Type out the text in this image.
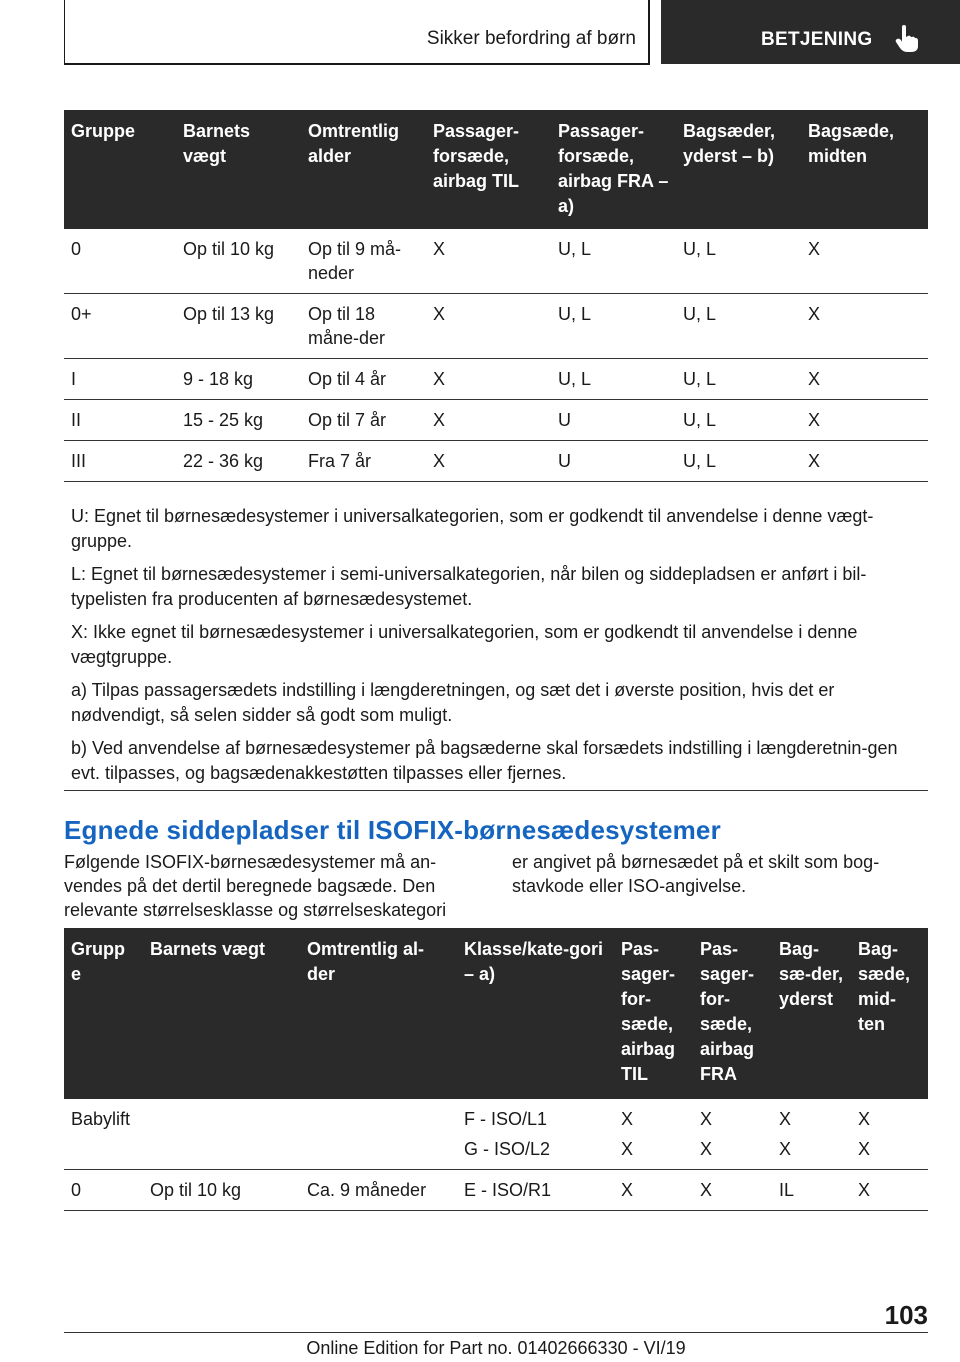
Sikker befordring af børn	BETJENING
Gruppe	Barnets vægt	Omtrentlig alder	Passager-forsæde, airbag TIL	Passager-forsæde, airbag FRA – a)	Bagsæder, yderst – b)	Bagsæde, midten
0	Op til 10 kg	Op til 9 må-neder	X	U, L	U, L	X
0+	Op til 13 kg	Op til 18 måne-der	X	U, L	U, L	X
I	9 - 18 kg	Op til 4 år	X	U, L	U, L	X
II	15 - 25 kg	Op til 7 år	X	U	U, L	X
III	22 - 36 kg	Fra 7 år	X	U	U, L	X

U: Egnet til børnesædesystemer i universalkategorien, som er godkendt til anvendelse i denne vægt-gruppe.

L: Egnet til børnesædesystemer i semi-universalkategorien, når bilen og siddepladsen er anført i bil-typelisten fra producenten af børnesædesystemet.

X: Ikke egnet til børnesædesystemer i universalkategorien, som er godkendt til anvendelse i denne vægtgruppe.

a) Tilpas passagersædets indstilling i længderetningen, og sæt det i øverste position, hvis det er nødvendigt, så selen sidder så godt som muligt.

b) Ved anvendelse af børnesædesystemer på bagsæderne skal forsædets indstilling i længderetnin-gen evt. tilpasses, og bagsædenakkestøtten tilpasses eller fjernes.

Egnede siddepladser til ISOFIX-børnesædesystemer
Følgende ISOFIX-børnesædesystemer må an-vendes på det dertil beregnede bagsæde. Den relevante størrelsesklasse og størrelseskategori
er angivet på børnesædet på et skilt som bog-stavkode eller ISO-angivelse.
Grupp e	Barnets vægt	Omtrentlig al-der	Klasse/kate-gori – a)	Pas-sager-for-sæde, airbag TIL	Pas-sager-for-sæde, airbag FRA	Bag-sæ-der, yderst	Bag-sæde, mid-ten
Babylift			F - ISO/L1	X	X	X	X
			G - ISO/L2	X	X	X	X
0	Op til 10 kg	Ca. 9 måneder	E - ISO/R1	X	X	IL	X
103
Online Edition for Part no. 01402666330 - VI/19
